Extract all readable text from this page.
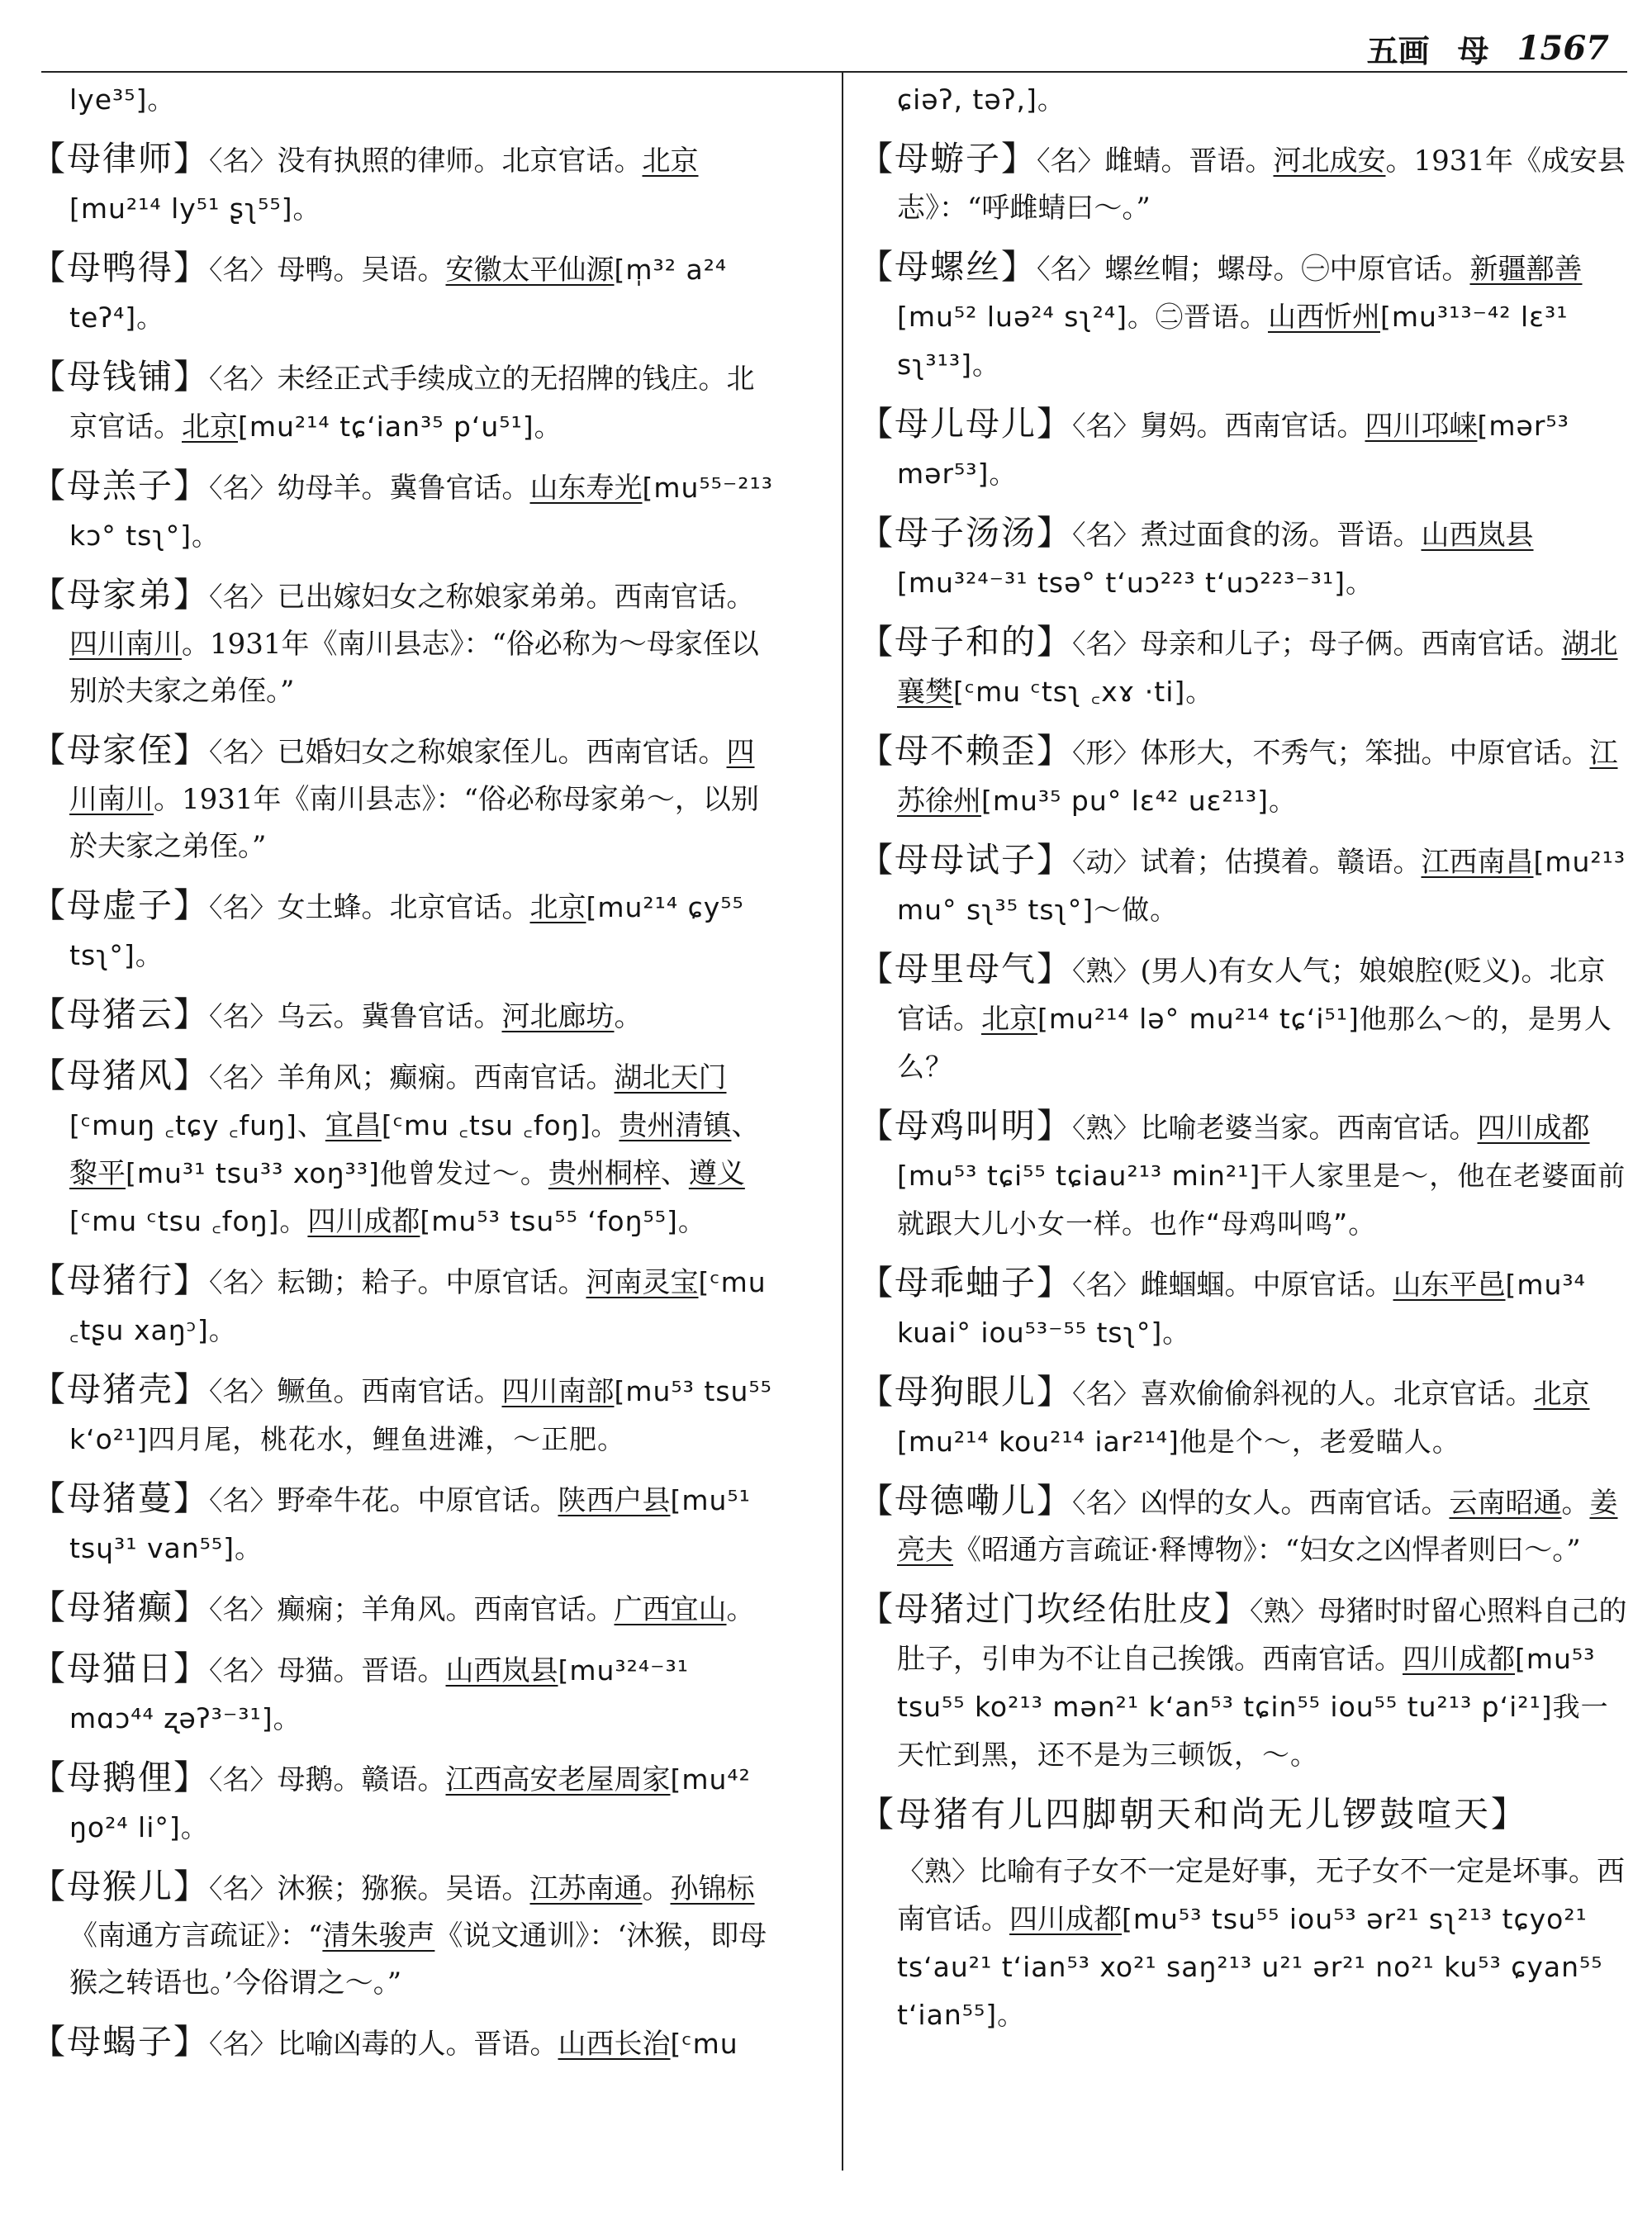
五画 母 1567
lye³⁵]。
【母律师】〈名〉没有执照的律师。北京官话。北京[mu²¹⁴ ly⁵¹ ʂʅ⁵⁵]。
【母鸭得】〈名〉母鸭。吴语。安徽太平仙源[m̩³² a²⁴ teʔ⁴]。
【母钱铺】〈名〉未经正式手续成立的无招牌的钱庄。北京官话。北京[mu²¹⁴ tɕʻian³⁵ pʻu⁵¹]。
【母羔子】〈名〉幼母羊。冀鲁官话。山东寿光[mu⁵⁵⁻²¹³ kɔ° tsʅ°]。
【母家弟】〈名〉已出嫁妇女之称娘家弟弟。西南官话。四川南川。1931年《南川县志》：“俗必称为～母家侄以别於夫家之弟侄。”
【母家侄】〈名〉已婚妇女之称娘家侄儿。西南官话。四川南川。1931年《南川县志》：“俗必称母家弟～，以别於夫家之弟侄。”
【母虚子】〈名〉女土蜂。北京官话。北京[mu²¹⁴ ɕy⁵⁵ tsʅ°]。
【母猪云】〈名〉乌云。冀鲁官话。河北廊坊。
【母猪风】〈名〉羊角风；癫痫。西南官话。湖北天门[ᶜmuŋ ꜀tɕy ꜀fuŋ]、宜昌[ᶜmu ꜀tsu ꜀foŋ]。贵州清镇、黎平[mu³¹ tsu³³ xoŋ³³]他曾发过～。贵州桐梓、遵义[ᶜmu ᶜtsu ꜀foŋ]。四川成都[mu⁵³ tsu⁵⁵ ʻfoŋ⁵⁵]。
【母猪行】〈名〉耘锄；耠子。中原官话。河南灵宝[ᶜmu ꜀tʂu xaŋᵓ]。
【母猪壳】〈名〉鳜鱼。西南官话。四川南部[mu⁵³ tsu⁵⁵ kʻo²¹]四月尾，桃花水，鲤鱼进滩，～正肥。
【母猪蔓】〈名〉野牵牛花。中原官话。陕西户县[mu⁵¹ tsɥ³¹ van⁵⁵]。
【母猪癫】〈名〉癫痫；羊角风。西南官话。广西宜山。
【母猫日】〈名〉母猫。晋语。山西岚县[mu³²⁴⁻³¹ mɑɔ⁴⁴ ʐəʔ³⁻³¹]。
【母鹅俚】〈名〉母鹅。赣语。江西高安老屋周家[mu⁴² ŋo²⁴ li°]。
【母猴儿】〈名〉沐猴；猕猴。吴语。江苏南通。孙锦标《南通方言疏证》：“清朱骏声《说文通训》：‘沐猴，即母猴之转语也。’今俗谓之～。”
【母蝎子】〈名〉比喻凶毒的人。晋语。山西长治[ᶜmu
ɕiəʔ, təʔ,]。
【母蝣子】〈名〉雌蜻。晋语。河北成安。1931年《成安县志》：“呼雌蜻曰～。”
【母螺丝】〈名〉螺丝帽；螺母。㊀中原官话。新疆鄯善[mu⁵² luə²⁴ sʅ²⁴]。㊁晋语。山西忻州[mu³¹³⁻⁴² lɛ³¹ sʅ³¹³]。
【母儿母儿】〈名〉舅妈。西南官话。四川邛崃[mər⁵³ mər⁵³]。
【母子汤汤】〈名〉煮过面食的汤。晋语。山西岚县[mu³²⁴⁻³¹ tsə° tʻuɔ²²³ tʻuɔ²²³⁻³¹]。
【母子和的】〈名〉母亲和儿子；母子俩。西南官话。湖北襄樊[ᶜmu ᶜtsʅ ꜀xɤ ·ti]。
【母不赖歪】〈形〉体形大，不秀气；笨拙。中原官话。江苏徐州[mu³⁵ pu° lɛ⁴² uɛ²¹³]。
【母母试子】〈动〉试着；估摸着。赣语。江西南昌[mu²¹³ mu° sʅ³⁵ tsʅ°]～做。
【母里母气】〈熟〉(男人)有女人气；娘娘腔(贬义)。北京官话。北京[mu²¹⁴ lə° mu²¹⁴ tɕʻi⁵¹]他那么～的，是男人么？
【母鸡叫明】〈熟〉比喻老婆当家。西南官话。四川成都[mu⁵³ tɕi⁵⁵ tɕiau²¹³ min²¹]干人家里是～，他在老婆面前就跟大儿小女一样。也作“母鸡叫鸣”。
【母乖蚰子】〈名〉雌蝈蝈。中原官话。山东平邑[mu³⁴ kuai° iou⁵³⁻⁵⁵ tsʅ°]。
【母狗眼儿】〈名〉喜欢偷偷斜视的人。北京官话。北京[mu²¹⁴ kou²¹⁴ iar²¹⁴]他是个～，老爱瞄人。
【母德嘞儿】〈名〉凶悍的女人。西南官话。云南昭通。姜亮夫《昭通方言疏证·释博物》：“妇女之凶悍者则曰～。”
【母猪过门坎经佑肚皮】〈熟〉母猪时时留心照料自己的肚子，引申为不让自己挨饿。西南官话。四川成都[mu⁵³ tsu⁵⁵ ko²¹³ mən²¹ kʻan⁵³ tɕin⁵⁵ iou⁵⁵ tu²¹³ pʻi²¹]我一天忙到黑，还不是为三顿饭，～。
【母猪有儿四脚朝天和尚无儿锣鼓喧天】
〈熟〉比喻有子女不一定是好事，无子女不一定是坏事。西南官话。四川成都[mu⁵³ tsu⁵⁵ iou⁵³ ər²¹ sʅ²¹³ tɕyo²¹ tsʻau²¹ tʻian⁵³ xo²¹ saŋ²¹³ u²¹ ər²¹ no²¹ ku⁵³ ɕyan⁵⁵ tʻian⁵⁵]。
